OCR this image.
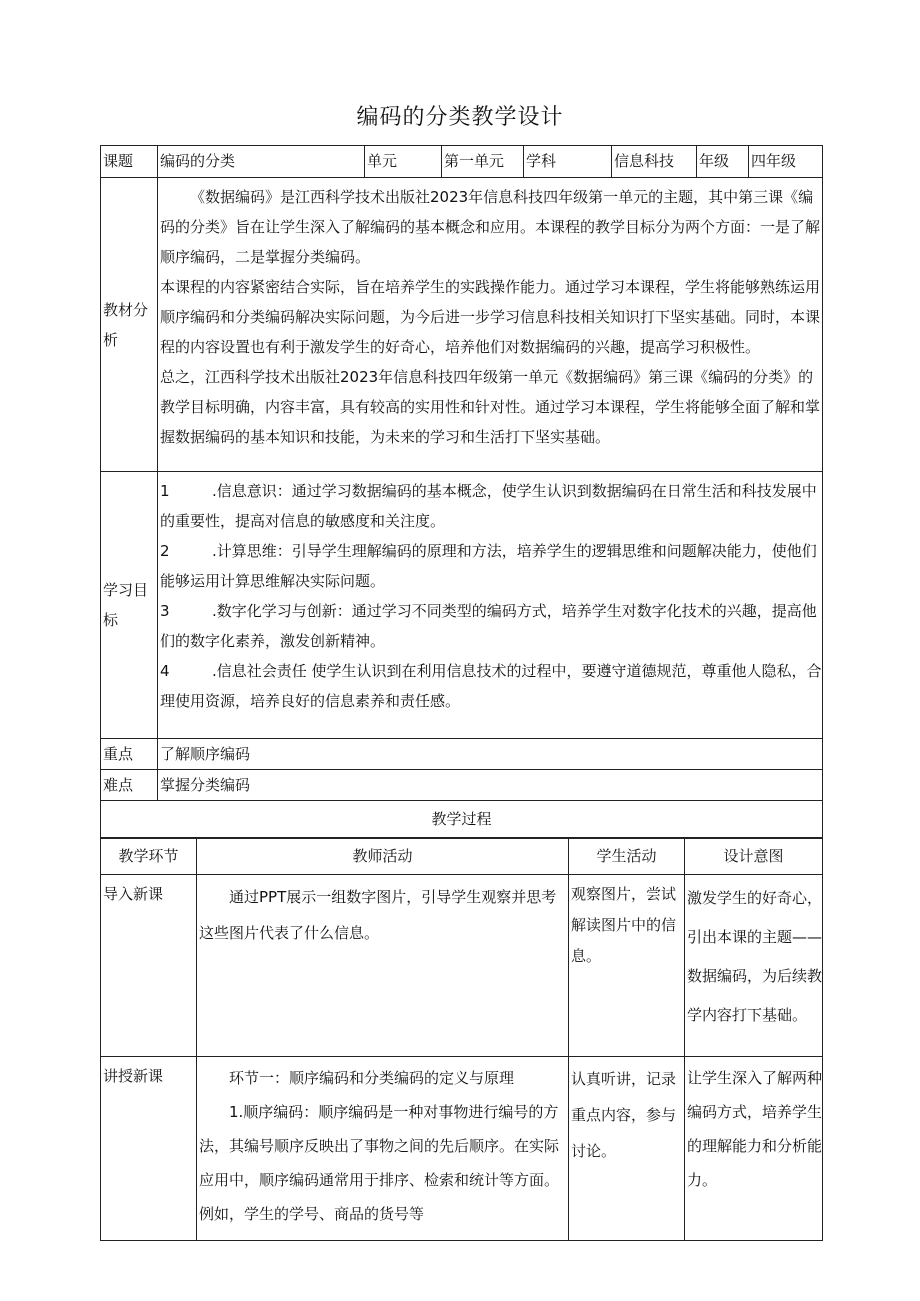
编码的分类教学设计
课题	编码的分类	单元	第一单元	学科	信息科技	年级	四年级
教材分析	《数据编码》是江西科学技术出版社2023年信息科技四年级第一单元的主题，其中第三课《编码的分类》旨在让学生深入了解编码的基本概念和应用。本课程的教学目标分为两个方面：一是了解顺序编码，二是掌握分类编码。

本课程的内容紧密结合实际，旨在培养学生的实践操作能力。通过学习本课程，学生将能够熟练运用顺序编码和分类编码解决实际问题，为今后进一步学习信息科技相关知识打下坚实基础。同时，本课程的内容设置也有利于激发学生的好奇心，培养他们对数据编码的兴趣，提高学习积极性。

总之，江西科学技术出版社2023年信息科技四年级第一单元《数据编码》第三课《编码的分类》的教学目标明确，内容丰富，具有较高的实用性和针对性。通过学习本课程，学生将能够全面了解和掌握数据编码的基本知识和技能，为未来的学习和生活打下坚实基础。						

学习目标	1 .信息意识：通过学习数据编码的基本概念，使学生认识到数据编码在日常生活和科技发展中的重要性，提高对信息的敏感度和关注度。

2 .计算思维：引导学生理解编码的原理和方法，培养学生的逻辑思维和问题解决能力，使他们能够运用计算思维解决实际问题。

3 .数字化学习与创新：通过学习不同类型的编码方式，培养学生对数字化技术的兴趣，提高他们的数字化素养，激发创新精神。

4 .信息社会责任 使学生认识到在利用信息技术的过程中，要遵守道德规范，尊重他人隐私，合理使用资源，培养良好的信息素养和责任感。						

重点	了解顺序编码						
难点	掌握分类编码						
教学过程							
教学环节	教师活动	学生活动	设计意图
导入新课	通过PPT展示一组数字图片，引导学生观察并思考这些图片代表了什么信息。	观察图片，尝试解读图片中的信息。	激发学生的好奇心，引出本课的主题——数据编码，为后续教学内容打下基础。
讲授新课	环节一：顺序编码和分类编码的定义与原理

1.顺序编码：顺序编码是一种对事物进行编号的方法，其编号顺序反映出了事物之间的先后顺序。在实际应用中，顺序编码通常用于排序、检索和统计等方面。例如，学生的学号、商品的货号等	认真听讲，记录重点内容，参与讨论。	让学生深入了解两种编码方式，培养学生的理解能力和分析能力。
